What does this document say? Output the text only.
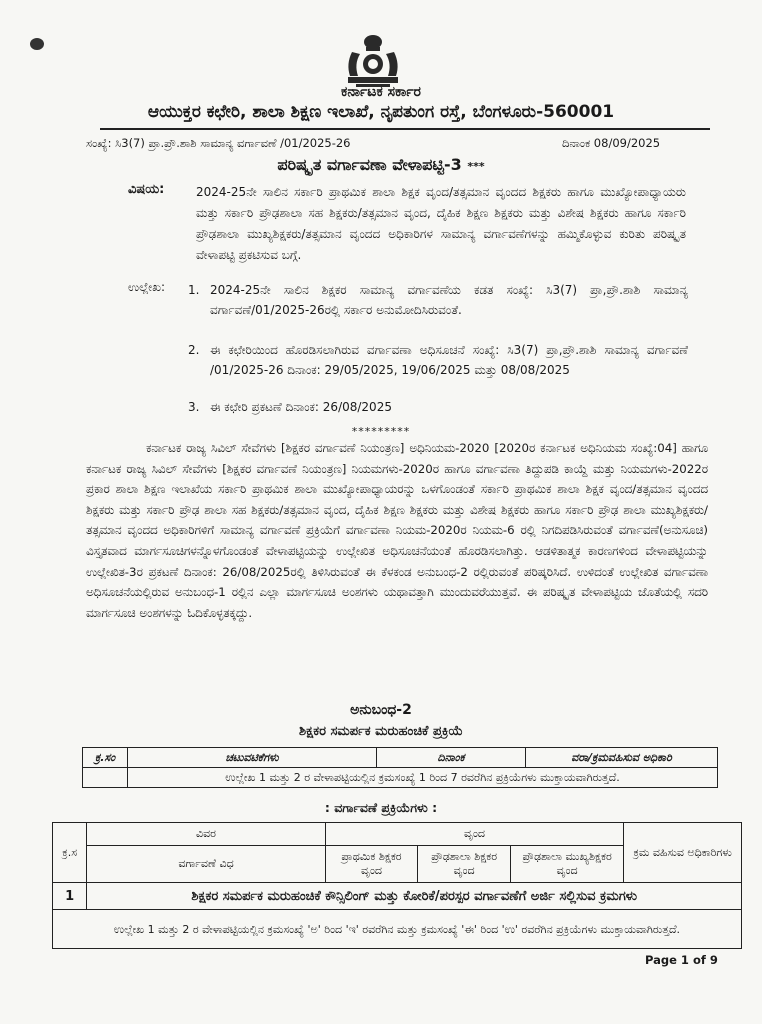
ಕರ್ನಾಟಕ ಸರ್ಕಾರ
ಆಯುಕ್ತರ ಕಛೇರಿ, ಶಾಲಾ ಶಿಕ್ಷಣ ಇಲಾಖೆ, ನೃಪತುಂಗ ರಸ್ತೆ, ಬೆಂಗಳೂರು-560001
ಸಂಖ್ಯೆ: ಸಿ3(7) ಪ್ರಾ.ಪ್ರೌ.ಶಾಶಿ ಸಾಮಾನ್ಯ ವರ್ಗಾವಣೆ /01/2025-26	ದಿನಾಂಕ 08/09/2025
ಪರಿಷ್ಕೃತ ವರ್ಗಾವಣಾ ವೇಳಾಪಟ್ಟಿ-3 ***
ವಿಷಯ:	2024-25ನೇ ಸಾಲಿನ ಸರ್ಕಾರಿ ಪ್ರಾಥಮಿಕ ಶಾಲಾ ಶಿಕ್ಷಕ ವೃಂದ/ತತ್ಸಮಾನ ವೃಂದದ ಶಿಕ್ಷಕರು ಹಾಗೂ ಮುಖ್ಯೋಪಾಧ್ಯಾಯರು ಮತ್ತು ಸರ್ಕಾರಿ ಪ್ರೌಢಶಾಲಾ ಸಹ ಶಿಕ್ಷಕರು/ತತ್ಸಮಾನ ವೃಂದ, ದೈಹಿಕ ಶಿಕ್ಷಣ ಶಿಕ್ಷಕರು ಮತ್ತು ವಿಶೇಷ ಶಿಕ್ಷಕರು ಹಾಗೂ ಸರ್ಕಾರಿ ಪ್ರೌಢಶಾಲಾ ಮುಖ್ಯಶಿಕ್ಷಕರು/ತತ್ಸಮಾನ ವೃಂದದ ಅಧಿಕಾರಿಗಳ ಸಾಮಾನ್ಯ ವರ್ಗಾವಣೆಗಳನ್ನು ಹಮ್ಮಿಕೊಳ್ಳುವ ಕುರಿತು ಪರಿಷ್ಕೃತ ವೇಳಾಪಟ್ಟಿ ಪ್ರಕಟಿಸುವ ಬಗ್ಗೆ.
ಉಲ್ಲೇಖ: 1. 2024-25ನೇ ಸಾಲಿನ ಶಿಕ್ಷಕರ ಸಾಮಾನ್ಯ ವರ್ಗಾವಣೆಯ ಕಡತ ಸಂಖ್ಯೆ: ಸಿ3(7) ಪ್ರಾ,ಪ್ರೌ.ಶಾಶಿ ಸಾಮಾನ್ಯ ವರ್ಗಾವಣೆ/01/2025-26ರಲ್ಲಿ ಸರ್ಕಾರ ಅನುಮೋದಿಸಿರುವಂತೆ.
2. ಈ ಕಛೇರಿಯಿಂದ ಹೊರಡಿಸಲಾಗಿರುವ ವರ್ಗಾವಣಾ ಅಧಿಸೂಚನೆ ಸಂಖ್ಯೆ: ಸಿ3(7) ಪ್ರಾ,ಪ್ರೌ.ಶಾಶಿ ಸಾಮಾನ್ಯ ವರ್ಗಾವಣೆ /01/2025-26 ದಿನಾಂಕ: 29/05/2025, 19/06/2025 ಮತ್ತು 08/08/2025
3. ಈ ಕಛೇರಿ ಪ್ರಕಟಣೆ ದಿನಾಂಕ: 26/08/2025
*********
ಕರ್ನಾಟಕ ರಾಜ್ಯ ಸಿವಿಲ್ ಸೇವೆಗಳು [ಶಿಕ್ಷಕರ ವರ್ಗಾವಣೆ ನಿಯಂತ್ರಣ] ಅಧಿನಿಯಮ-2020 [2020ರ ಕರ್ನಾಟಕ ಅಧಿನಿಯಮ ಸಂಖ್ಯೆ:04] ಹಾಗೂ ಕರ್ನಾಟಕ ರಾಜ್ಯ ಸಿವಿಲ್ ಸೇವೆಗಳು [ಶಿಕ್ಷಕರ ವರ್ಗಾವಣೆ ನಿಯಂತ್ರಣ] ನಿಯಮಗಳು-2020ರ ಹಾಗೂ ವರ್ಗಾವಣಾ ತಿದ್ದುಪಡಿ ಕಾಯ್ದೆ ಮತ್ತು ನಿಯಮಗಳು-2022ರ ಪ್ರಕಾರ ಶಾಲಾ ಶಿಕ್ಷಣ ಇಲಾಖೆಯ ಸರ್ಕಾರಿ ಪ್ರಾಥಮಿಕ ಶಾಲಾ ಮುಖ್ಯೋಪಾಧ್ಯಾಯರನ್ನು ಒಳಗೊಂಡಂತೆ ಸರ್ಕಾರಿ ಪ್ರಾಥಮಿಕ ಶಾಲಾ ಶಿಕ್ಷಕ ವೃಂದ/ತತ್ಸಮಾನ ವೃಂದದ ಶಿಕ್ಷಕರು ಮತ್ತು ಸರ್ಕಾರಿ ಪ್ರೌಢ ಶಾಲಾ ಸಹ ಶಿಕ್ಷಕರು/ತತ್ಸಮಾನ ವೃಂದ, ದೈಹಿಕ ಶಿಕ್ಷಣ ಶಿಕ್ಷಕರು ಮತ್ತು ವಿಶೇಷ ಶಿಕ್ಷಕರು ಹಾಗೂ ಸರ್ಕಾರಿ ಪ್ರೌಢ ಶಾಲಾ ಮುಖ್ಯಶಿಕ್ಷಕರು/ತತ್ಸಮಾನ ವೃಂದದ ಅಧಿಕಾರಿಗಳಿಗೆ ಸಾಮಾನ್ಯ ವರ್ಗಾವಣೆ ಪ್ರಕ್ರಿಯೆಗೆ ವರ್ಗಾವಣಾ ನಿಯಮ-2020ರ ನಿಯಮ-6 ರಲ್ಲಿ ನಿಗದಿಪಡಿಸಿರುವಂತೆ ವರ್ಗಾವಣೆ(ಅನುಸೂಚಿ) ವಿಸ್ತೃತವಾದ ಮಾರ್ಗಸೂಚಿಗಳನ್ನೊಳಗೊಂಡಂತೆ ವೇಳಾಪಟ್ಟಿಯನ್ನು ಉಲ್ಲೇಖಿತ ಅಧಿಸೂಚನೆಯಂತೆ ಹೊರಡಿಸಲಾಗಿತ್ತು. ಆಡಳಿತಾತ್ಮಕ ಕಾರಣಗಳಿಂದ ವೇಳಾಪಟ್ಟಿಯನ್ನು ಉಲ್ಲೇಖಿತ-3ರ ಪ್ರಕಟಣೆ ದಿನಾಂಕ: 26/08/2025ರಲ್ಲಿ ತಿಳಿಸಿರುವಂತೆ ಈ ಕೆಳಕಂಡ ಅನುಬಂಧ-2 ರಲ್ಲಿರುವಂತೆ ಪರಿಷ್ಕರಿಸಿದೆ. ಉಳಿದಂತೆ ಉಲ್ಲೇಖಿತ ವರ್ಗಾವಣಾ ಅಧಿಸೂಚನೆಯಲ್ಲಿರುವ ಅನುಬಂಧ-1 ರಲ್ಲಿನ ಎಲ್ಲಾ ಮಾರ್ಗಸೂಚಿ ಅಂಶಗಳು ಯಥಾವತ್ತಾಗಿ ಮುಂದುವರೆಯುತ್ತವೆ. ಈ ಪರಿಷ್ಕೃತ ವೇಳಾಪಟ್ಟಿಯ ಜೊತೆಯಲ್ಲಿ ಸದರಿ ಮಾರ್ಗಸೂಚಿ ಅಂಶಗಳನ್ನು ಓದಿಕೊಳ್ಳತಕ್ಕದ್ದು.
ಅನುಬಂಧ-2
ಶಿಕ್ಷಕರ ಸಮರ್ಪಕ ಮರುಹಂಚಿಕೆ ಪ್ರಕ್ರಿಯೆ
ಕ್ರ.ಸಂ	ಚಟುವಟಿಕೆಗಳು	ದಿನಾಂಕ	ವರಾ/ಕ್ರಮವಹಿಸುವ ಅಧಿಕಾರಿ
	ಉಲ್ಲೇಖ 1 ಮತ್ತು 2 ರ ವೇಳಾಪಟ್ಟಿಯಲ್ಲಿನ ಕ್ರಮಸಂಖ್ಯೆ 1 ರಿಂದ 7 ರವರೆಗಿನ ಪ್ರಕ್ರಿಯೆಗಳು ಮುಕ್ತಾಯವಾಗಿರುತ್ತದೆ.		
: ವರ್ಗಾವಣೆ ಪ್ರಕ್ರಿಯೆಗಳು :
ಕ್ರ.ಸ	ವಿವರ	ವೃಂದ			ಕ್ರಮ ವಹಿಸುವ ಅಧಿಕಾರಿಗಳು
	ವರ್ಗಾವಣೆ ವಿಧ	ಪ್ರಾಥಮಿಕ ಶಿಕ್ಷಕರ ವೃಂದ	ಪ್ರೌಢಶಾಲಾ ಶಿಕ್ಷಕರ ವೃಂದ	ಪ್ರೌಢಶಾಲಾ ಮುಖ್ಯಶಿಕ್ಷಕರ ವೃಂದ	
1	ಶಿಕ್ಷಕರ ಸಮರ್ಪಕ ಮರುಹಂಚಿಕೆ ಕೌನ್ಸಿಲಿಂಗ್ ಮತ್ತು ಕೋರಿಕೆ/ಪರಸ್ಪರ ವರ್ಗಾವಣೆಗೆ ಅರ್ಜಿ ಸಲ್ಲಿಸುವ ಕ್ರಮಗಳು				
ಉಲ್ಲೇಖ 1 ಮತ್ತು 2 ರ ವೇಳಾಪಟ್ಟಿಯಲ್ಲಿನ ಕ್ರಮಸಂಖ್ಯೆ 'ಅ' ರಿಂದ 'ಇ' ರವರೆಗಿನ ಮತ್ತು ಕ್ರಮಸಂಖ್ಯೆ 'ಈ' ರಿಂದ 'ಉ' ರವರೆಗಿನ ಪ್ರಕ್ರಿಯೆಗಳು ಮುಕ್ತಾಯವಾಗಿರುತ್ತದೆ.					
Page 1 of 9
